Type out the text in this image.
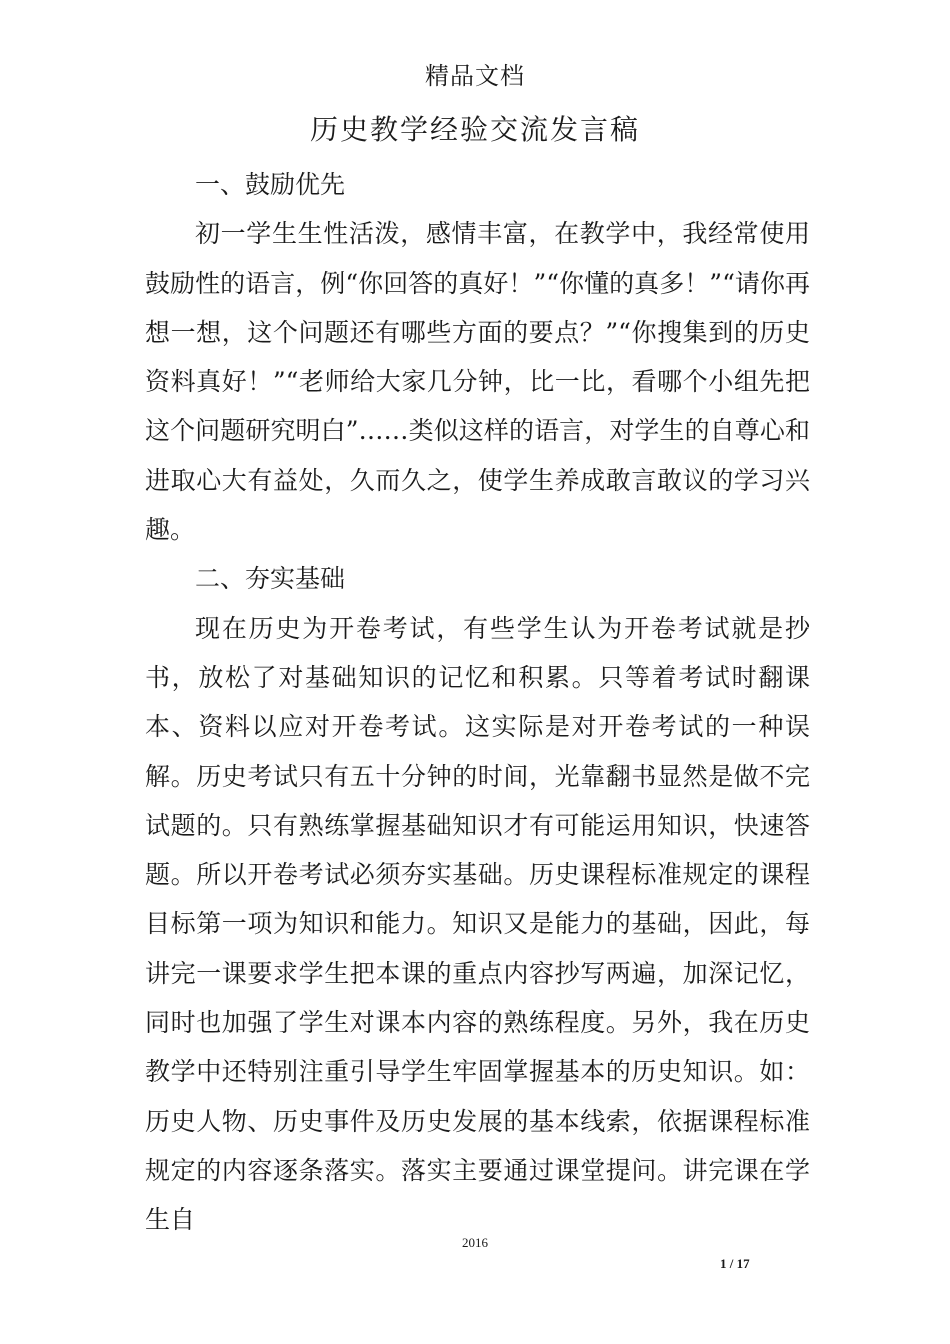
精品文档
历史教学经验交流发言稿

一、鼓励优先

初一学生生性活泼，感情丰富，在教学中，我经常使用鼓励性的语言，例“你回答的真好！”“你懂的真多！”“请你再想一想，这个问题还有哪些方面的要点？”“你搜集到的历史资料真好！”“老师给大家几分钟，比一比，看哪个小组先把这个问题研究明白”……类似这样的语言，对学生的自尊心和进取心大有益处，久而久之，使学生养成敢言敢议的学习兴趣。

二、夯实基础

现在历史为开卷考试，有些学生认为开卷考试就是抄书，放松了对基础知识的记忆和积累。只等着考试时翻课本、资料以应对开卷考试。这实际是对开卷考试的一种误解。历史考试只有五十分钟的时间，光靠翻书显然是做不完试题的。只有熟练掌握基础知识才有可能运用知识，快速答题。所以开卷考试必须夯实基础。历史课程标准规定的课程目标第一项为知识和能力。知识又是能力的基础，因此，每讲完一课要求学生把本课的重点内容抄写两遍，加深记忆，同时也加强了学生对课本内容的熟练程度。另外，我在历史教学中还特别注重引导学生牢固掌握基本的历史知识。如：历史人物、历史事件及历史发展的基本线索，依据课程标准规定的内容逐条落实。落实主要通过课堂提问。讲完课在学生自

2016
1 / 17
